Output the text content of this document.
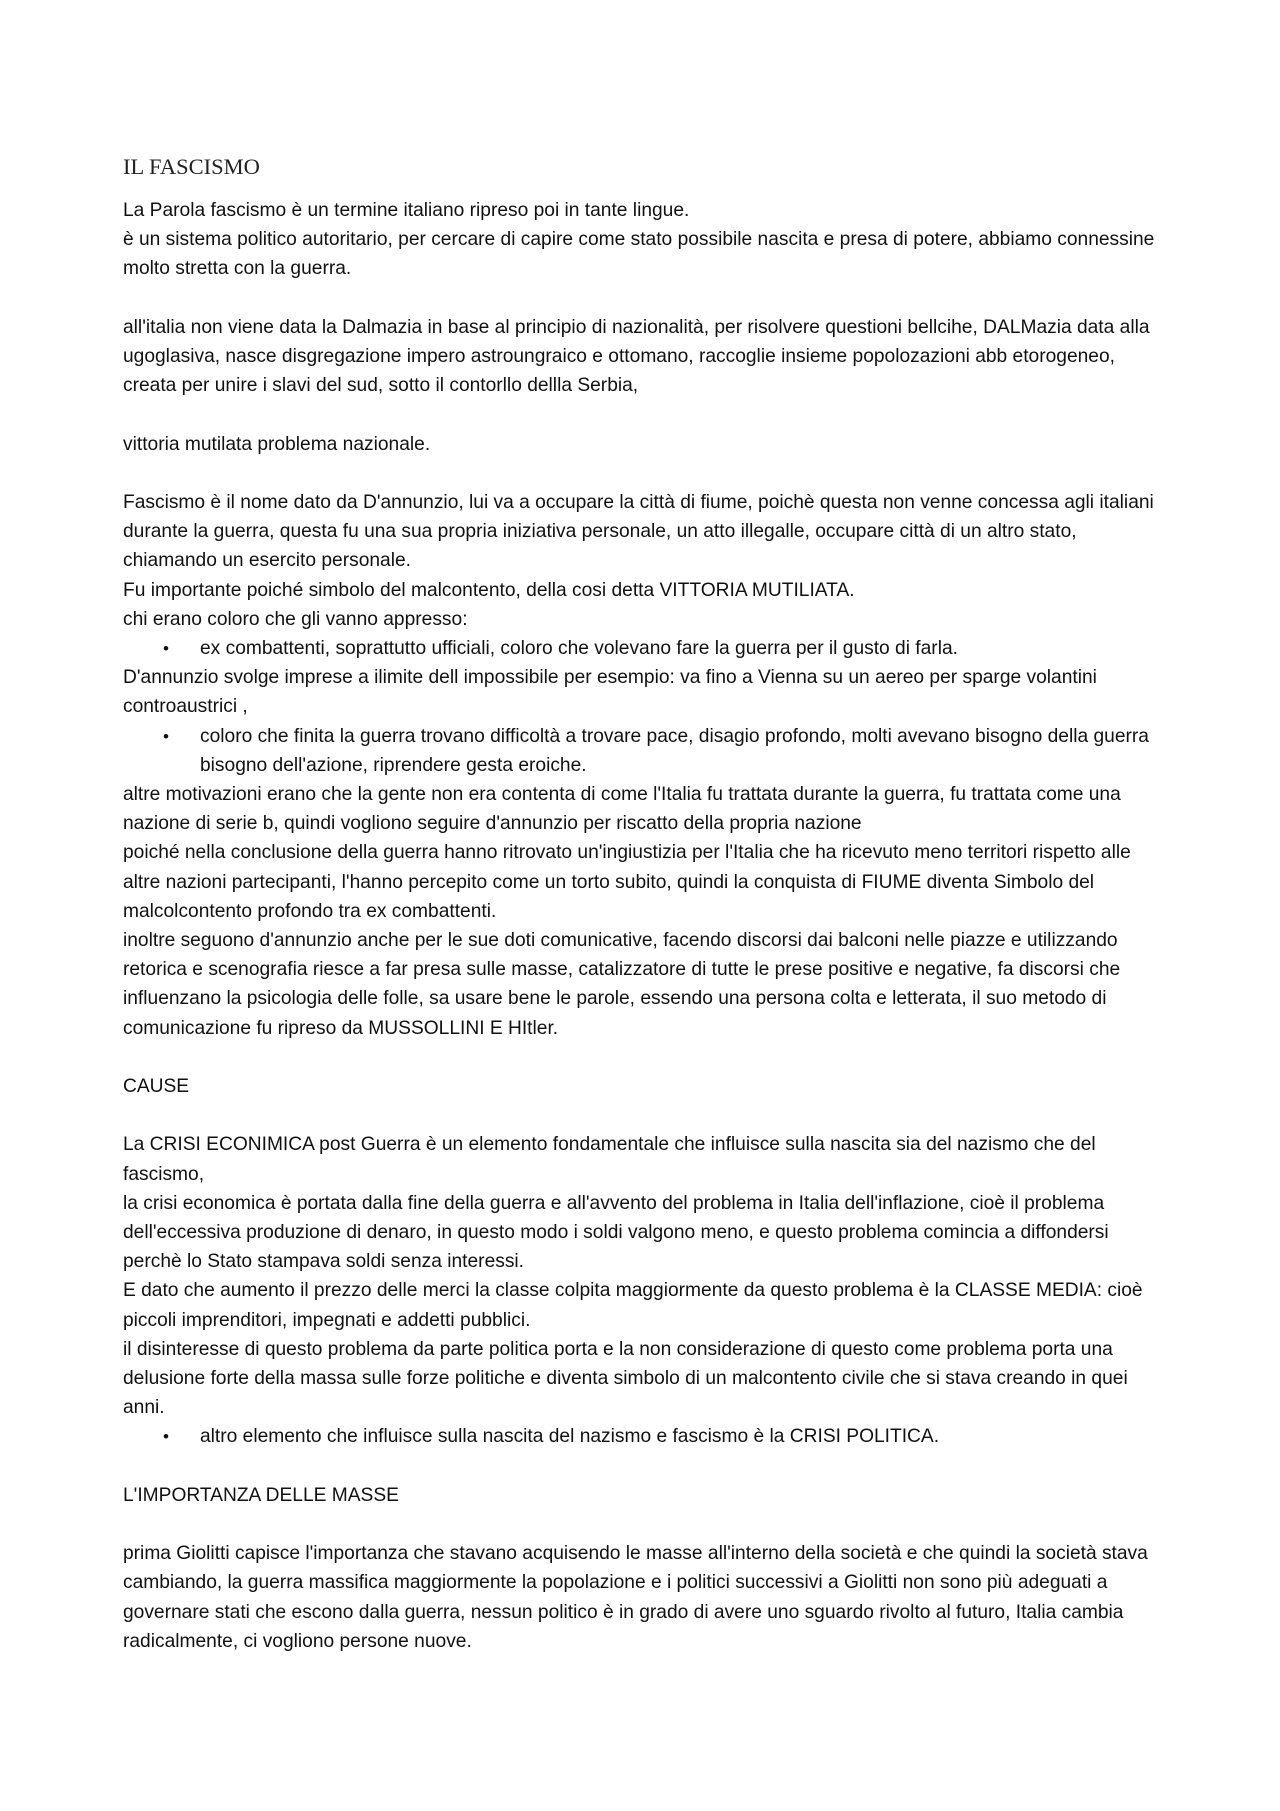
IL FASCISMO

La Parola fascismo è un termine italiano ripreso poi in tante lingue.

è un sistema politico autoritario, per cercare di capire come stato possibile nascita e presa di potere, abbiamo connessine molto stretta con la guerra.

all'italia non viene data la Dalmazia in base al principio di nazionalità, per risolvere questioni bellcihe, DALMazia data alla ugoglasiva, nasce disgregazione impero astroungraico e ottomano, raccoglie insieme popolozazioni abb etorogeneo, creata per unire i slavi del sud, sotto il contorllo dellla Serbia,

vittoria mutilata problema nazionale.

Fascismo è il nome dato da D'annunzio, lui va a occupare la città di fiume, poichè questa non venne concessa agli italiani durante la guerra, questa fu una sua propria iniziativa personale, un atto illegalle, occupare città di un altro stato, chiamando un esercito personale.

Fu importante poiché simbolo del malcontento, della cosi detta VITTORIA MUTILIATA.

chi erano coloro che gli vanno appresso:

• ex combattenti, soprattutto ufficiali, coloro che volevano fare la guerra per il gusto di farla.

D'annunzio svolge imprese a ilimite dell impossibile per esempio: va fino a Vienna su un aereo per sparge volantini controaustrici ,

• coloro che finita la guerra trovano difficoltà a trovare pace, disagio profondo, molti avevano bisogno della guerra bisogno dell'azione, riprendere gesta eroiche.

altre motivazioni erano che la gente non era contenta di come l'Italia fu trattata durante la guerra, fu trattata come una nazione di serie b, quindi vogliono seguire d'annunzio per riscatto della propria nazione

poiché nella conclusione della guerra hanno ritrovato un'ingiustizia per l'Italia che ha ricevuto meno territori rispetto alle altre nazioni partecipanti, l'hanno percepito come un torto subito, quindi la conquista di FIUME diventa Simbolo del malcolcontento profondo tra ex combattenti.

inoltre seguono d'annunzio anche per le sue doti comunicative, facendo discorsi dai balconi nelle piazze e utilizzando retorica e scenografia riesce a far presa sulle masse, catalizzatore di tutte le prese positive e negative, fa discorsi che influenzano la psicologia delle folle, sa usare bene le parole, essendo una persona colta e letterata, il suo metodo di comunicazione fu ripreso da MUSSOLLINI E HItler.

CAUSE

La CRISI ECONIMICA post Guerra è un elemento fondamentale che influisce sulla nascita sia del nazismo che del fascismo,

la crisi economica è portata dalla fine della guerra e all'avvento del problema in Italia dell'inflazione, cioè il problema dell'eccessiva produzione di denaro, in questo modo i soldi valgono meno, e questo problema comincia a diffondersi perchè lo Stato stampava soldi senza interessi.

E dato che aumento il prezzo delle merci la classe colpita maggiormente da questo problema è la CLASSE MEDIA: cioè piccoli imprenditori, impegnati e addetti pubblici.

il disinteresse di questo problema da parte politica porta e la non considerazione di questo come problema porta una delusione forte della massa sulle forze politiche e diventa simbolo di un malcontento civile che si stava creando in quei anni.

• altro elemento che influisce sulla nascita del nazismo e fascismo è la CRISI POLITICA.

L'IMPORTANZA DELLE MASSE

prima Giolitti capisce l'importanza che stavano acquisendo le masse all'interno della società e che quindi la società stava cambiando, la guerra massifica maggiormente la popolazione e i politici successivi a Giolitti non sono più adeguati a governare stati che escono dalla guerra, nessun politico è in grado di avere uno sguardo rivolto al futuro, Italia cambia radicalmente, ci vogliono persone nuove.
